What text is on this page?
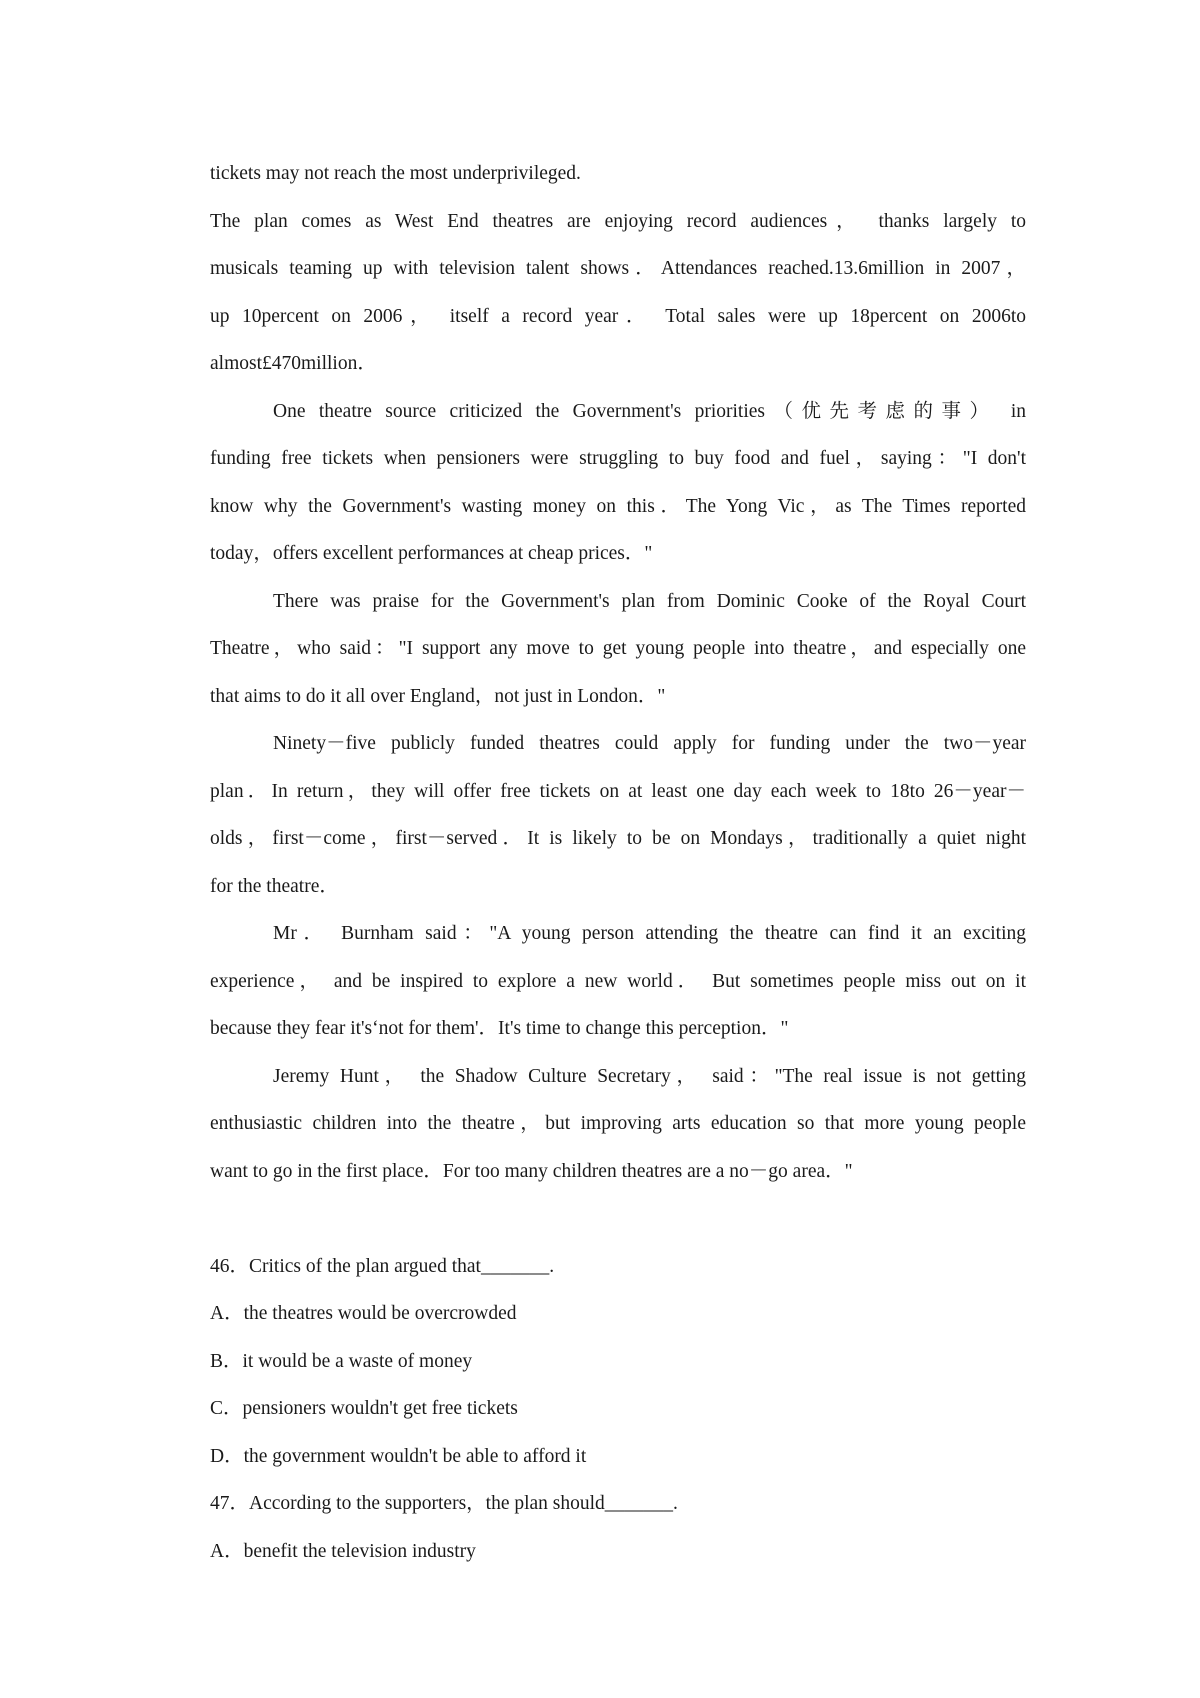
tickets may not reach the most underprivileged.

The plan comes as West End theatres are enjoying record audiences， thanks largely to

musicals teaming up with television talent shows．Attendances reached.13.6million in 2007，

up 10percent on 2006， itself a record year． Total sales were up 18percent on 2006to

almost£470million．

One theatre source criticized the Government's priorities（优先考虑的事） in

funding free tickets when pensioners were struggling to buy food and fuel，saying："I don't

know why the Government's wasting money on this．The Yong Vic，as The Times reported

today，offers excellent performances at cheap prices．"

There was praise for the Government's plan from Dominic Cooke of the Royal Court

Theatre，who said："I support any move to get young people into theatre，and especially one

that aims to do it all over England，not just in London．"

Ninety－five publicly funded theatres could apply for funding under the two－year

plan．In return，they will offer free tickets on at least one day each week to 18to 26－year－

olds，first－come，first－served．It is likely to be on Mondays，traditionally a quiet night

for the theatre．

Mr． Burnham said："A young person attending the theatre can find it an exciting

experience， and be inspired to explore a new world． But sometimes people miss out on it

because they fear it's‘not for them'．It's time to change this perception．"

Jeremy Hunt， the Shadow Culture Secretary， said："The real issue is not getting

enthusiastic children into the theatre，but improving arts education so that more young people

want to go in the first place．For too many children theatres are a no－go area．"

46．Critics of the plan argued that_______.

A．the theatres would be overcrowded

B．it would be a waste of money

C．pensioners wouldn't get free tickets

D．the government wouldn't be able to afford it

47．According to the supporters，the plan should_______.

A．benefit the television industry
